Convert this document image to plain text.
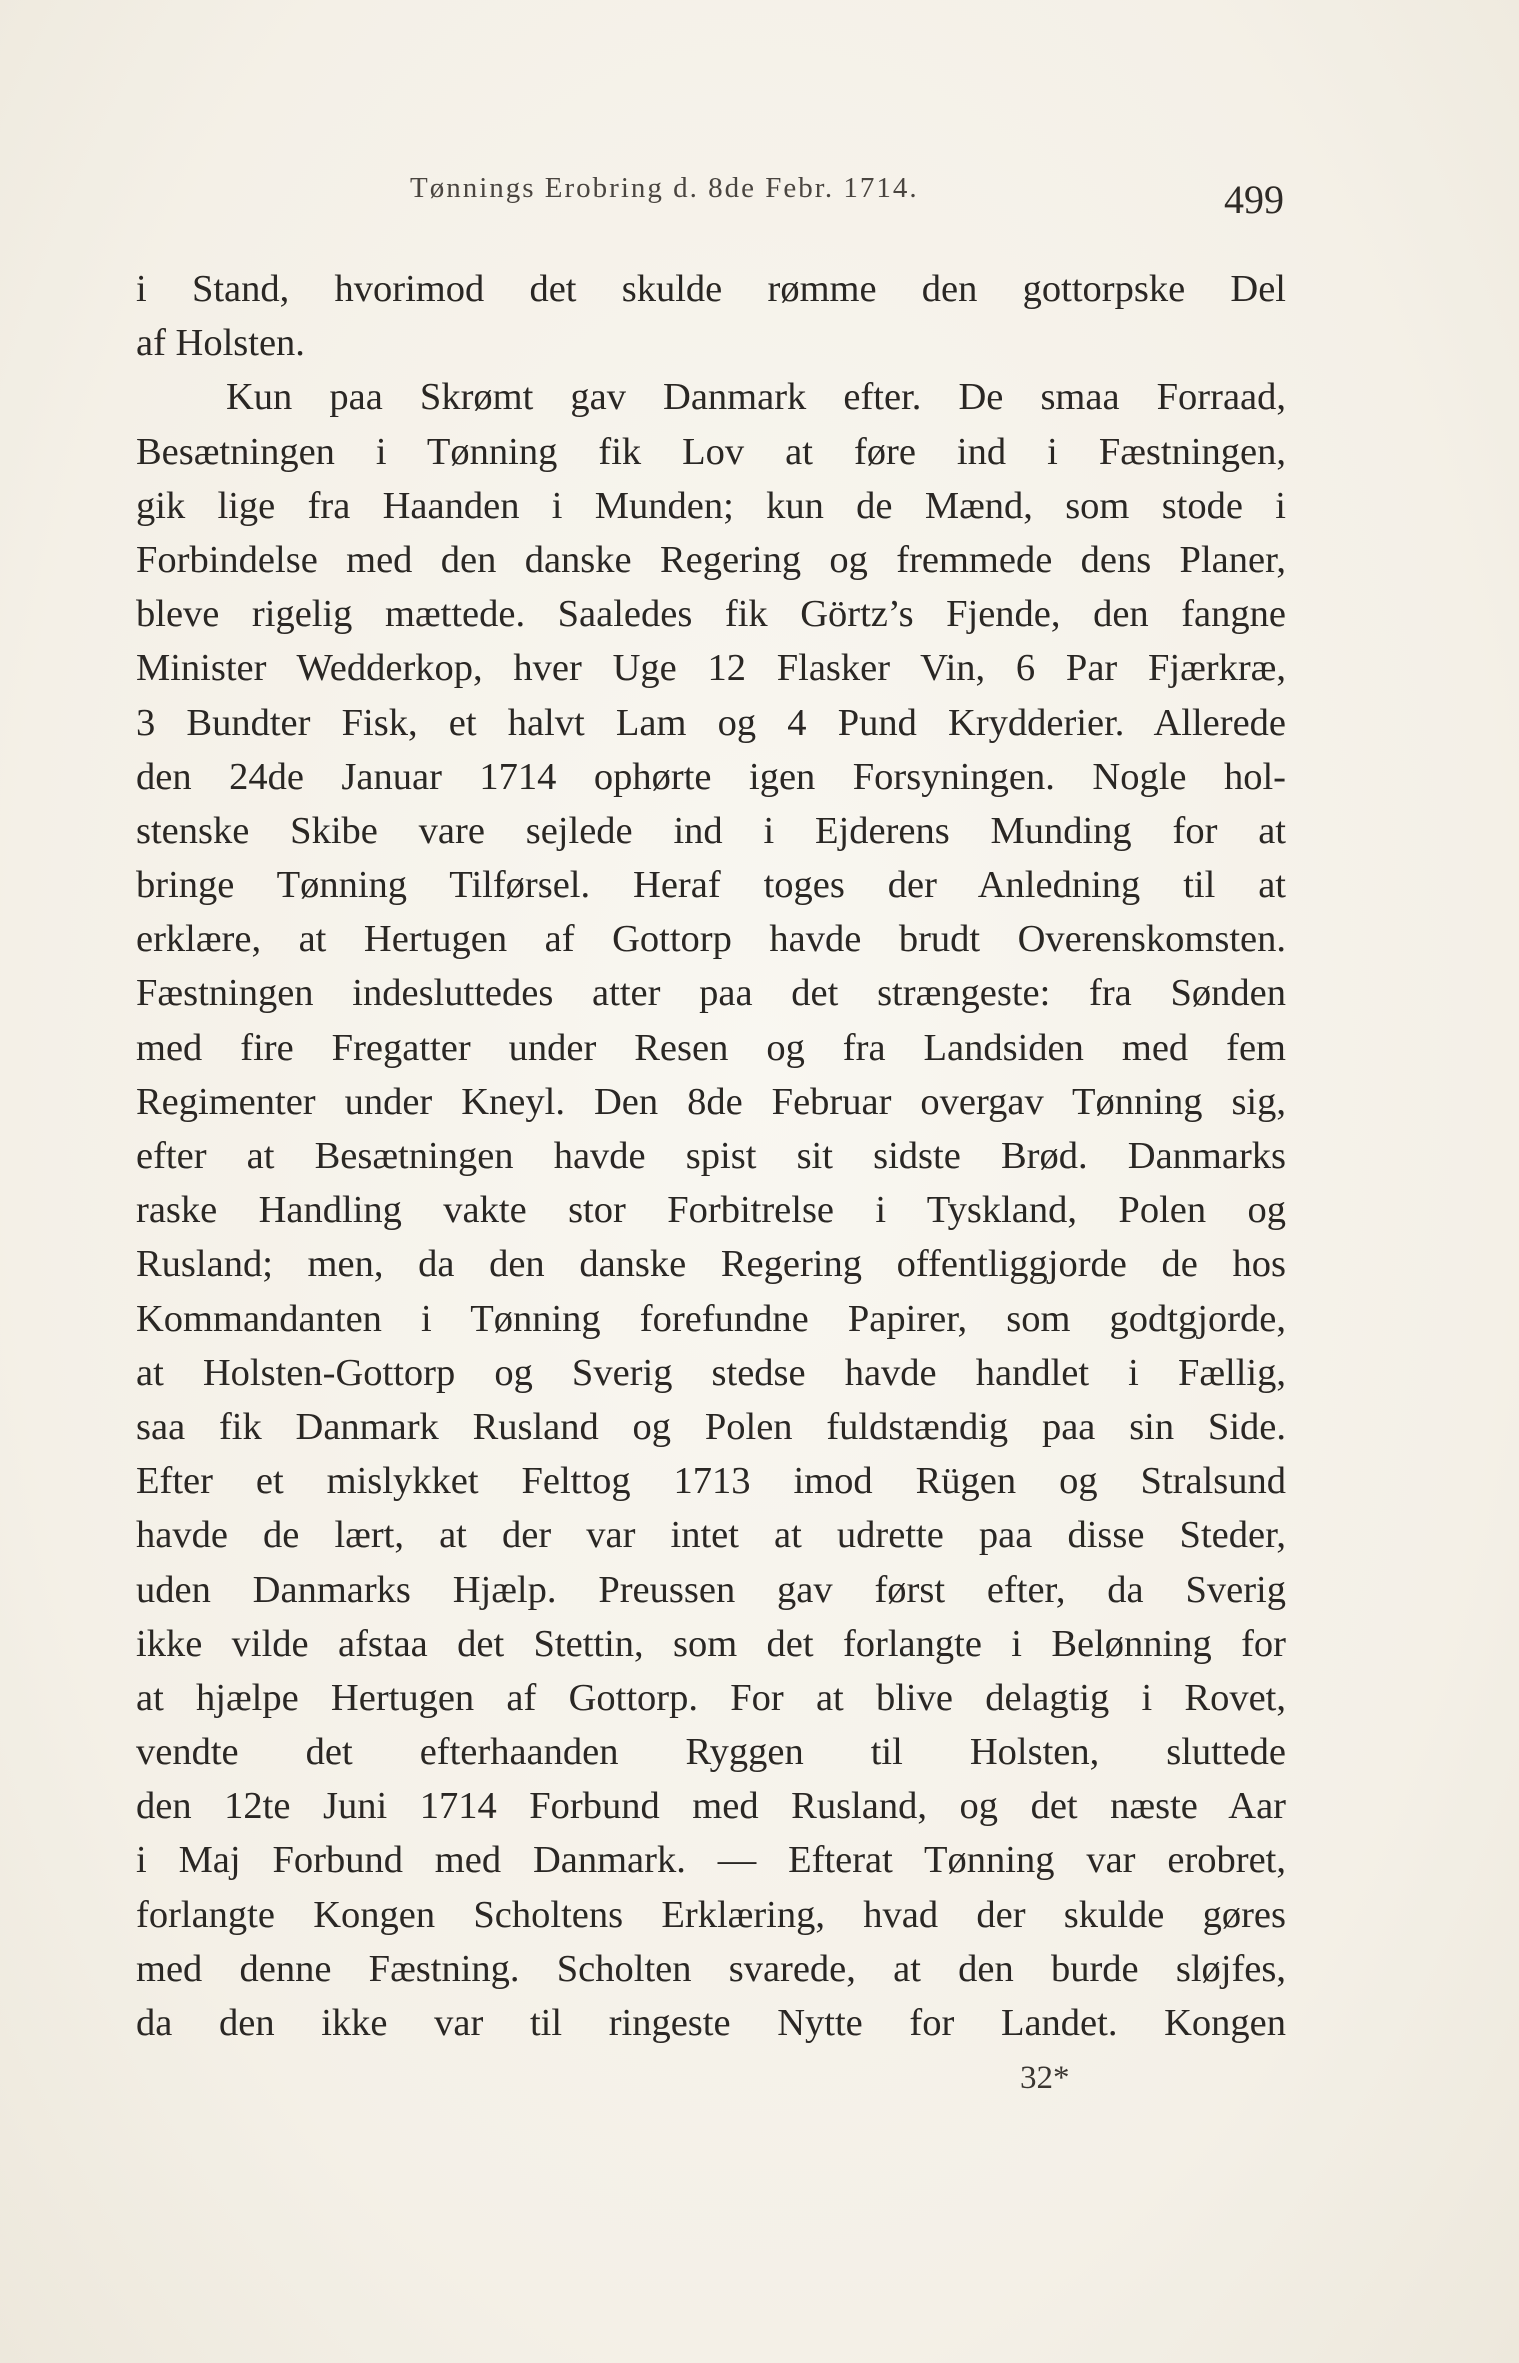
Tønnings Erobring d. 8de Febr. 1714.	499
i Stand, hvorimod det skulde rømme den gottorpske Del
af Holsten.
Kun paa Skrømt gav Danmark efter. De smaa Forraad,
Besætningen i Tønning fik Lov at føre ind i Fæstningen,
gik lige fra Haanden i Munden; kun de Mænd, som stode i
Forbindelse med den danske Regering og fremmede dens Planer,
bleve rigelig mættede. Saaledes fik Görtz’s Fjende, den fangne
Minister Wedderkop, hver Uge 12 Flasker Vin, 6 Par Fjærkræ,
3 Bundter Fisk, et halvt Lam og 4 Pund Krydderier. Allerede
den 24de Januar 1714 ophørte igen Forsyningen. Nogle hol-
stenske Skibe vare sejlede ind i Ejderens Munding for at
bringe Tønning Tilførsel. Heraf toges der Anledning til at
erklære, at Hertugen af Gottorp havde brudt Overenskomsten.
Fæstningen indesluttedes atter paa det strængeste: fra Sønden
med fire Fregatter under Resen og fra Landsiden med fem
Regimenter under Kneyl. Den 8de Februar overgav Tønning sig,
efter at Besætningen havde spist sit sidste Brød. Danmarks
raske Handling vakte stor Forbitrelse i Tyskland, Polen og
Rusland; men, da den danske Regering offentliggjorde de hos
Kommandanten i Tønning forefundne Papirer, som godtgjorde,
at Holsten-Gottorp og Sverig stedse havde handlet i Fællig,
saa fik Danmark Rusland og Polen fuldstændig paa sin Side.
Efter et mislykket Felttog 1713 imod Rügen og Stralsund
havde de lært, at der var intet at udrette paa disse Steder,
uden Danmarks Hjælp. Preussen gav først efter, da Sverig
ikke vilde afstaa det Stettin, som det forlangte i Belønning for
at hjælpe Hertugen af Gottorp. For at blive delagtig i Rovet,
vendte det efterhaanden Ryggen til Holsten, sluttede
den 12te Juni 1714 Forbund med Rusland, og det næste Aar
i Maj Forbund med Danmark. — Efterat Tønning var erobret,
forlangte Kongen Scholtens Erklæring, hvad der skulde gøres
med denne Fæstning. Scholten svarede, at den burde sløjfes,
da den ikke var til ringeste Nytte for Landet. Kongen
32*
